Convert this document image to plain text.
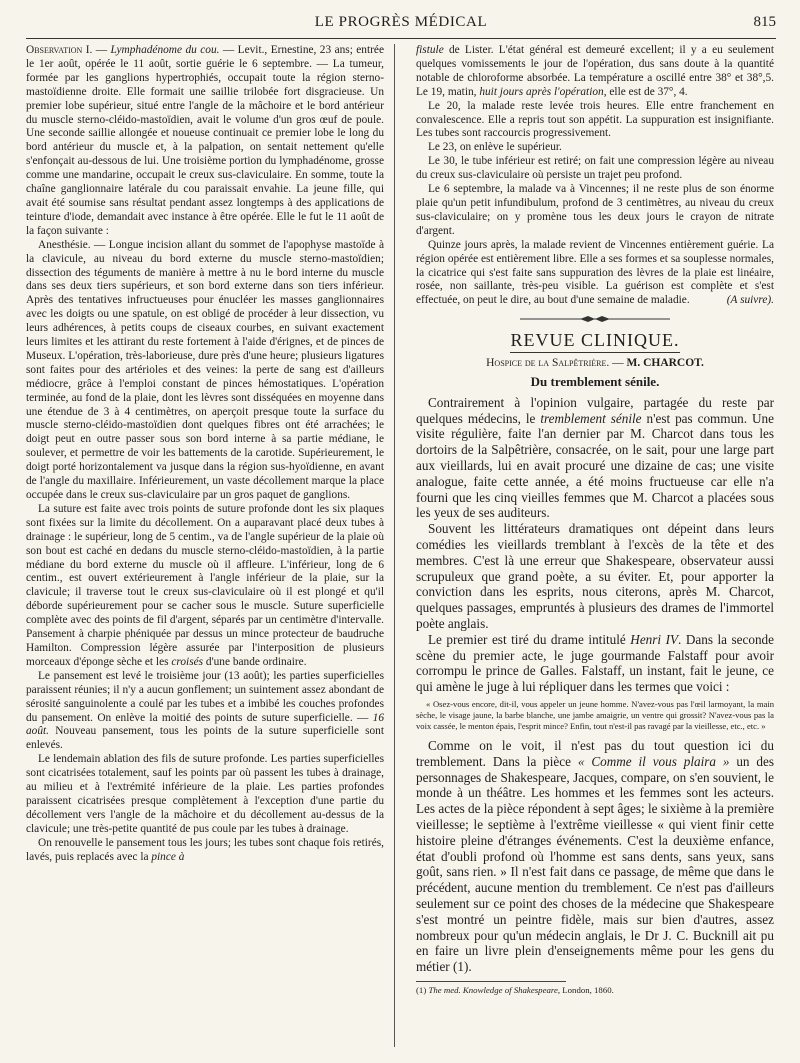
LE PROGRÈS MÉDICAL	815

Observation I. — Lymphadénome du cou. — Levit., Ernestine, 23 ans; entrée le 1er août, opérée le 11 août, sortie guérie le 6 septembre. — La tumeur, formée par les ganglions hypertrophiés, occupait toute la région sterno-mastoïdienne droite. Elle formait une saillie trilobée fort disgracieuse. Un premier lobe supérieur, situé entre l'angle de la mâchoire et le bord antérieur du muscle sterno-cléido-mastoïdien, avait le volume d'un gros œuf de poule. Une seconde saillie allongée et noueuse continuait ce premier lobe le long du bord antérieur du muscle et, à la palpation, on sentait nettement qu'elle s'enfonçait au-dessous de lui. Une troisième portion du lymphadénome, grosse comme une mandarine, occupait le creux sus-claviculaire. En somme, toute la chaîne ganglionnaire latérale du cou paraissait envahie. La jeune fille, qui avait été soumise sans résultat pendant assez longtemps à des applications de teinture d'iode, demandait avec instance à être opérée. Elle le fut le 11 août de la façon suivante :

Anesthésie. — Longue incision allant du sommet de l'apophyse mastoïde à la clavicule, au niveau du bord externe du muscle sterno-mastoïdien; dissection des téguments de manière à mettre à nu le bord interne du muscle dans ses deux tiers supérieurs, et son bord externe dans son tiers inférieur. Après des tentatives infructueuses pour énucléer les masses ganglionnaires avec les doigts ou une spatule, on est obligé de procéder à leur dissection, vu leurs adhérences, à petits coups de ciseaux courbes, en suivant exactement leurs limites et les attirant du reste fortement à l'aide d'érignes, et de pinces de Museux. L'opération, très-laborieuse, dure près d'une heure; plusieurs ligatures sont faites pour des artérioles et des veines: la perte de sang est d'ailleurs médiocre, grâce à l'emploi constant de pinces hémostatiques. L'opération terminée, au fond de la plaie, dont les lèvres sont disséquées en moyenne dans une étendue de 3 à 4 centimètres, on aperçoit presque toute la surface du muscle sterno-cléido-mastoïdien dont quelques fibres ont été arrachées; le doigt peut en outre passer sous son bord interne à sa partie médiane, le soulever, et permettre de voir les battements de la carotide. Supérieurement, le doigt porté horizontalement va jusque dans la région sus-hyoïdienne, en avant de l'angle du maxillaire. Inférieurement, un vaste décollement marque la place occupée dans le creux sus-claviculaire par un gros paquet de ganglions.

La suture est faite avec trois points de suture profonde dont les six plaques sont fixées sur la limite du décollement. On a auparavant placé deux tubes à drainage : le supérieur, long de 5 centim., va de l'angle supérieur de la plaie où son bout est caché en dedans du muscle sterno-cléido-mastoïdien, à la partie médiane du bord externe du muscle où il affleure. L'inférieur, long de 6 centim., est ouvert extérieurement à l'angle inférieur de la plaie, sur la clavicule; il traverse tout le creux sus-claviculaire où il est plongé et qu'il déborde supérieurement pour se cacher sous le muscle. Suture superficielle complète avec des points de fil d'argent, séparés par un centimètre d'intervalle. Pansement à charpie phéniquée par dessus un mince protecteur de baudruche Hamilton. Compression légère assurée par l'interposition de plusieurs morceaux d'éponge sèche et les croisés d'une bande ordinaire.

Le pansement est levé le troisième jour (13 août); les parties superficielles paraissent réunies; il n'y a aucun gonflement; un suintement assez abondant de sérosité sanguinolente a coulé par les tubes et a imbibé les couches profondes du pansement. On enlève la moitié des points de suture superficielle. — 16 août. Nouveau pansement, tous les points de la suture superficielle sont enlevés.

Le lendemain ablation des fils de suture profonde. Les parties superficielles sont cicatrisées totalement, sauf les points par où passent les tubes à drainage, au milieu et à l'extrémité inférieure de la plaie. Les parties profondes paraissent cicatrisées presque complètement à l'exception d'une partie du décollement vers l'angle de la mâchoire et du décollement au-dessus de la clavicule; une très-petite quantité de pus coule par les tubes à drainage.

On renouvelle le pansement tous les jours; les tubes sont chaque fois retirés, lavés, puis replacés avec la pince à

fistule de Lister. L'état général est demeuré excellent; il y a eu seulement quelques vomissements le jour de l'opération, dus sans doute à la quantité notable de chloroforme absorbée. La température a oscillé entre 38° et 38°,5. Le 19, matin, huit jours après l'opération, elle est de 37°, 4.

Le 20, la malade reste levée trois heures. Elle entre franchement en convalescence. Elle a repris tout son appétit. La suppuration est insignifiante. Les tubes sont raccourcis progressivement.

Le 23, on enlève le supérieur.

Le 30, le tube inférieur est retiré; on fait une compression légère au niveau du creux sus-claviculaire où persiste un trajet peu profond.

Le 6 septembre, la malade va à Vincennes; il ne reste plus de son énorme plaie qu'un petit infundibulum, profond de 3 centimètres, au niveau du creux sus-claviculaire; on y promène tous les deux jours le crayon de nitrate d'argent.

Quinze jours après, la malade revient de Vincennes entièrement guérie. La région opérée est entièrement libre. Elle a ses formes et sa souplesse normales, la cicatrice qui s'est faite sans suppuration des lèvres de la plaie est linéaire, rosée, non saillante, très-peu visible. La guérison est complète et s'est effectuée, on peut le dire, au bout d'une semaine de maladie.	(A suivre).

REVUE CLINIQUE.
Hospice de la Salpêtrière. — M. CHARCOT.
Du tremblement sénile.

Contrairement à l'opinion vulgaire, partagée du reste par quelques médecins, le tremblement sénile n'est pas commun. Une visite régulière, faite l'an dernier par M. Charcot dans tous les dortoirs de la Salpêtrière, consacrée, on le sait, pour une large part aux vieillards, lui en avait procuré une dizaine de cas; une visite analogue, faite cette année, a été moins fructueuse car elle n'a fourni que les cinq vieilles femmes que M. Charcot a placées sous les yeux de ses auditeurs.

Souvent les littérateurs dramatiques ont dépeint dans leurs comédies les vieillards tremblant à l'excès de la tête et des membres. C'est là une erreur que Shakespeare, observateur aussi scrupuleux que grand poète, a su éviter. Et, pour apporter la conviction dans les esprits, nous citerons, après M. Charcot, quelques passages, empruntés à plusieurs des drames de l'immortel poète anglais.

Le premier est tiré du drame intitulé Henri IV. Dans la seconde scène du premier acte, le juge gourmande Falstaff pour avoir corrompu le prince de Galles. Falstaff, un instant, fait le jeune, ce qui amène le juge à lui répliquer dans les termes que voici :

« Osez-vous encore, dit-il, vous appeler un jeune homme. N'avez-vous pas l'œil larmoyant, la main sèche, le visage jaune, la barbe blanche, une jambe amaigrie, un ventre qui grossit? N'avez-vous pas la voix cassée, le menton épais, l'esprit mince? Enfin, tout n'est-il pas ravagé par la vieillesse, etc., etc. »

Comme on le voit, il n'est pas du tout question ici du tremblement. Dans la pièce « Comme il vous plaira » un des personnages de Shakespeare, Jacques, compare, on s'en souvient, le monde à un théâtre. Les hommes et les femmes sont les acteurs. Les actes de la pièce répondent à sept âges; le sixième à la première vieillesse; le septième à l'extrême vieillesse « qui vient finir cette histoire pleine d'étranges événements. C'est la deuxième enfance, état d'oubli profond où l'homme est sans dents, sans yeux, sans goût, sans rien. » Il n'est fait dans ce passage, de même que dans le précédent, aucune mention du tremblement. Ce n'est pas d'ailleurs seulement sur ce point des choses de la médecine que Shakespeare s'est montré un peintre fidèle, mais sur bien d'autres, assez nombreux pour qu'un médecin anglais, le Dr J. C. Bucknill ait pu en faire un livre plein d'enseignements même pour les gens du métier (1).

(1) The med. Knowledge of Shakespeare, London, 1860.
